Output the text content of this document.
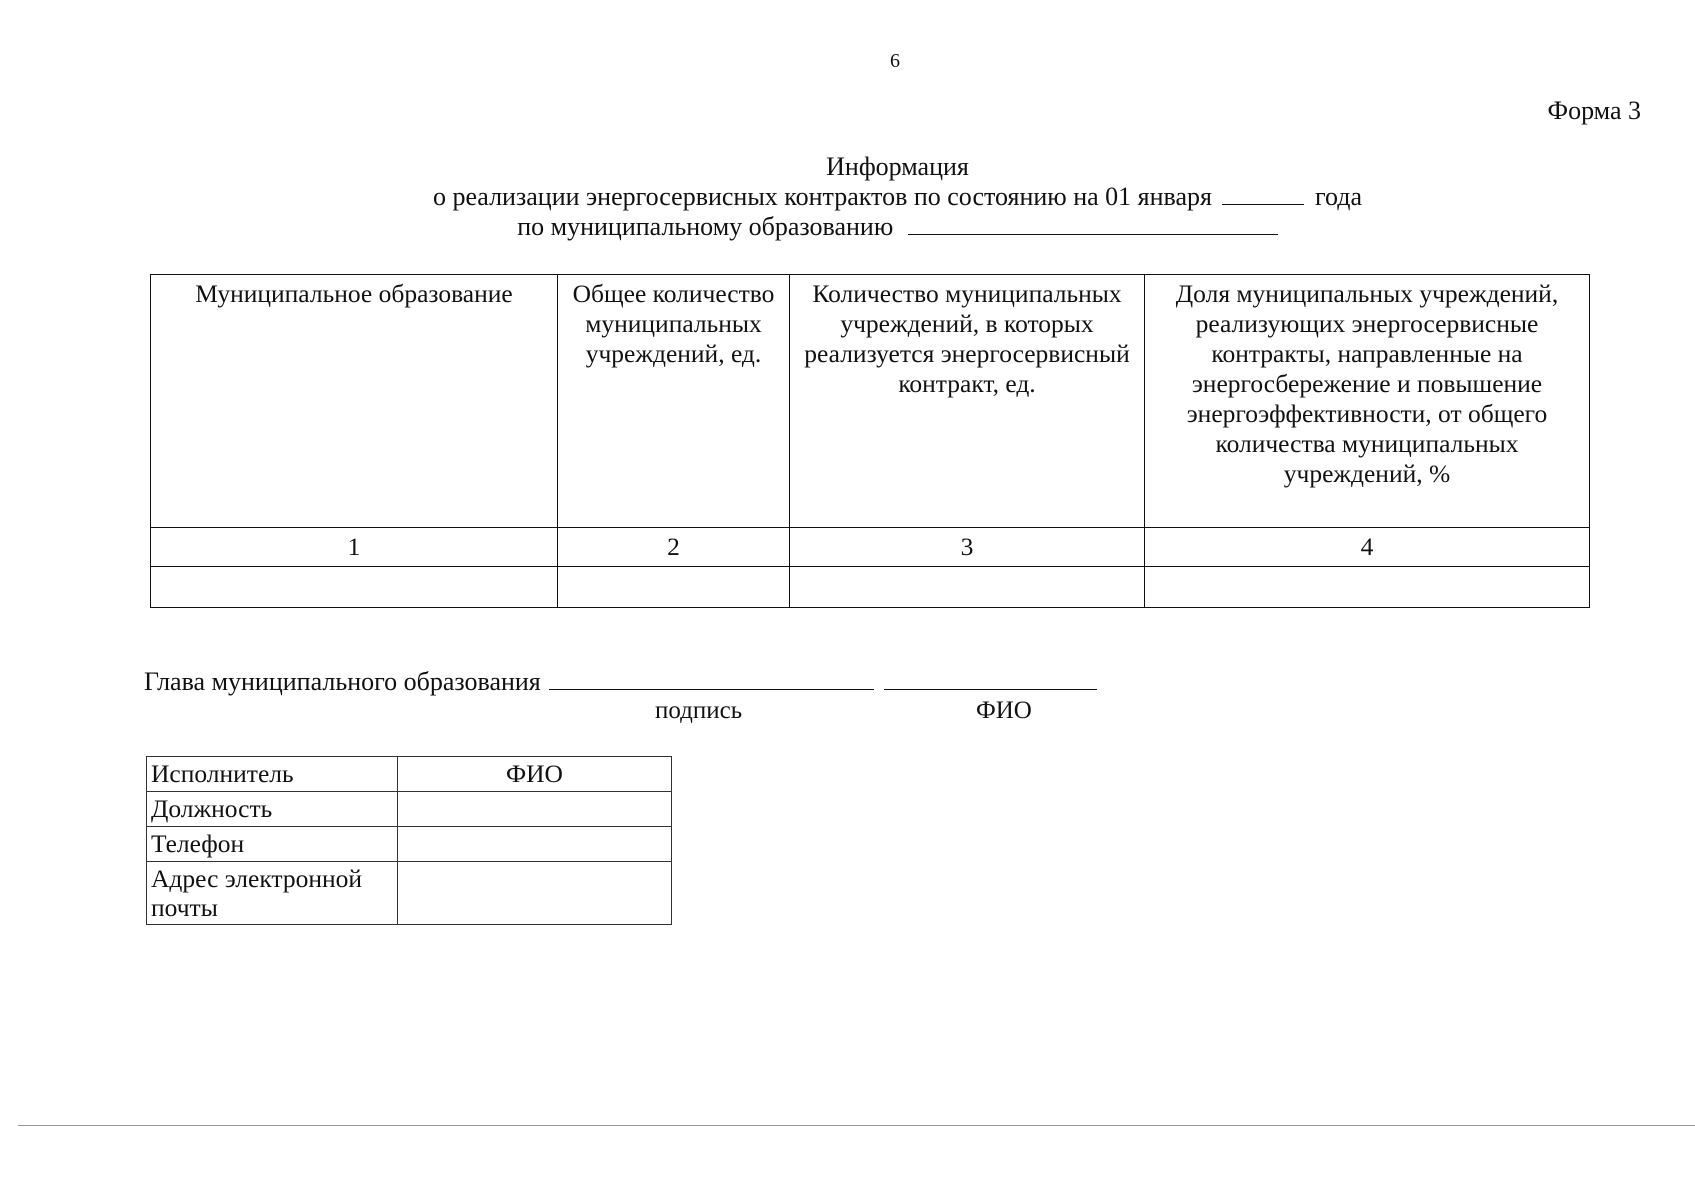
6
Форма 3
Информация
о реализации энергосервисных контрактов по состоянию на 01 января	года
по муниципальному образованию
Муниципальное образование	Общее количество муниципальных учреждений, ед.	Количество муниципальных учреждений, в которых реализуется энергосервисный контракт, ед.	Доля муниципальных учреждений, реализующих энергосервисные контракты, направленные на энергосбережение и повышение энергоэффективности, от общего количества муниципальных учреждений, %
1	2	3	4

Глава муниципального образования
подпись	ФИО
Исполнитель	ФИО
Должность	
Телефон	
Адрес электронной почты	
